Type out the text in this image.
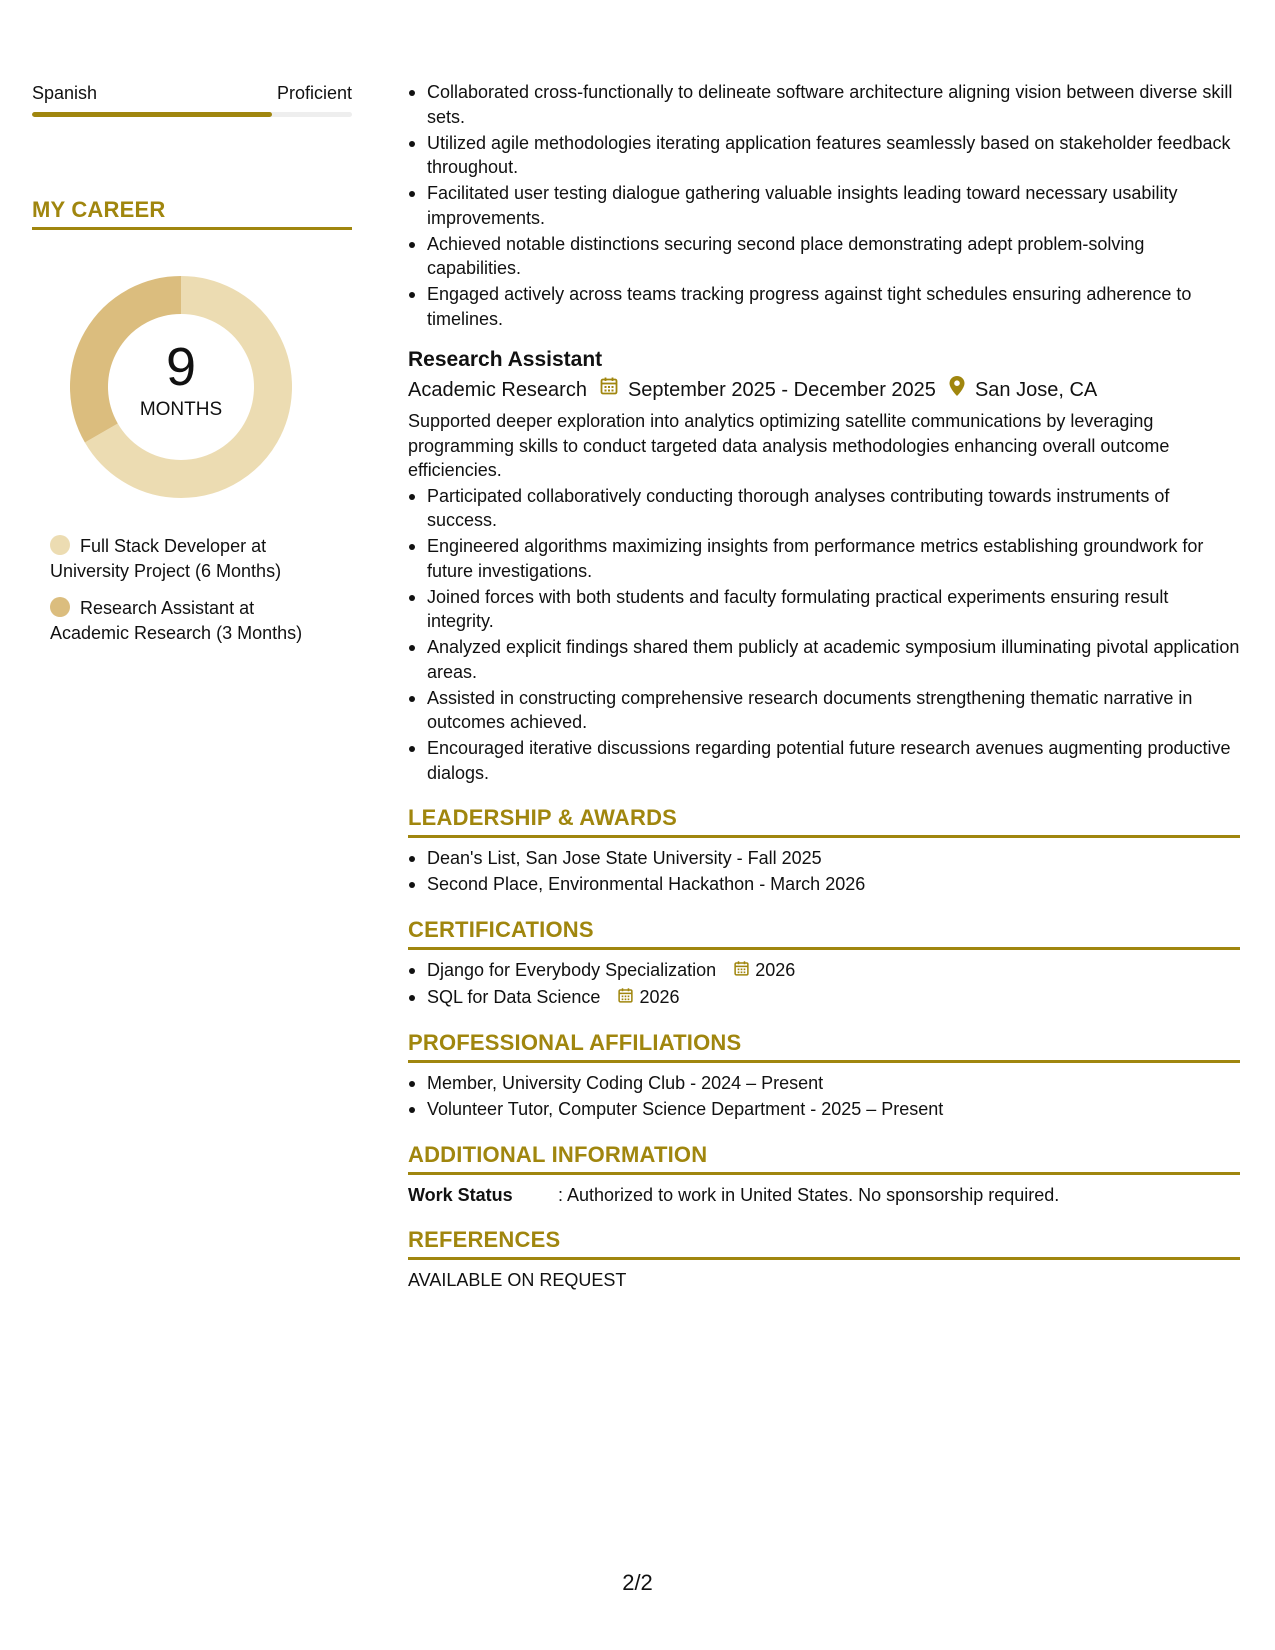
Spanish	Proficient
MY CAREER
9
MONTHS
Full Stack Developer at University Project (6 Months)
Research Assistant at Academic Research (3 Months)
Collaborated cross-functionally to delineate software architecture aligning vision between diverse skill sets.
Utilized agile methodologies iterating application features seamlessly based on stakeholder feedback throughout.
Facilitated user testing dialogue gathering valuable insights leading toward necessary usability improvements.
Achieved notable distinctions securing second place demonstrating adept problem-solving capabilities.
Engaged actively across teams tracking progress against tight schedules ensuring adherence to timelines.
Research Assistant
Academic Research September 2025 - December 2025 San Jose, CA
Supported deeper exploration into analytics optimizing satellite communications by leveraging programming skills to conduct targeted data analysis methodologies enhancing overall outcome efficiencies.
Participated collaboratively conducting thorough analyses contributing towards instruments of success.
Engineered algorithms maximizing insights from performance metrics establishing groundwork for future investigations.
Joined forces with both students and faculty formulating practical experiments ensuring result integrity.
Analyzed explicit findings shared them publicly at academic symposium illuminating pivotal application areas.
Assisted in constructing comprehensive research documents strengthening thematic narrative in outcomes achieved.
Encouraged iterative discussions regarding potential future research avenues augmenting productive dialogs.
LEADERSHIP & AWARDS
Dean's List, San Jose State University - Fall 2025
Second Place, Environmental Hackathon - March 2026
CERTIFICATIONS
Django for Everybody Specialization 2026
SQL for Data Science 2026
PROFESSIONAL AFFILIATIONS
Member, University Coding Club - 2024 – Present
Volunteer Tutor, Computer Science Department - 2025 – Present
ADDITIONAL INFORMATION
Work Status	: Authorized to work in United States. No sponsorship required.
REFERENCES
AVAILABLE ON REQUEST
2/2
